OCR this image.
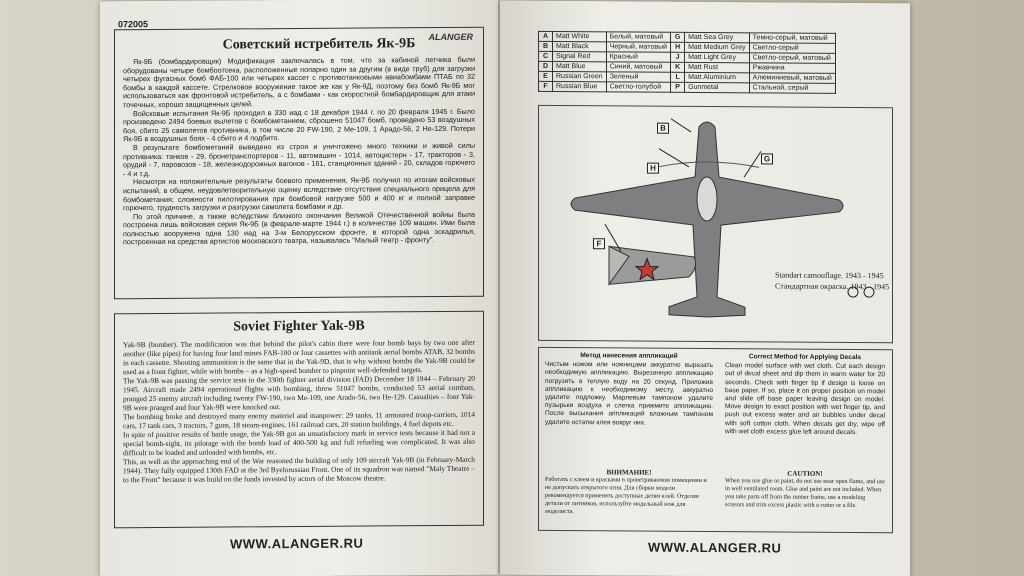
072005
ALANGER
Советский истребитель Як-9Б

Як-9Б (бомбардировщик) Модификация заключалась в том, что за кабиной летчика были оборудованы четыре бомбоотсека, расположенные попарно один за другим (в виде труб) для загрузки четырех фугасных бомб ФАБ-100 или четырех кассет с противотанковыми авиабомбами ПТАБ по 32 бомбы в каждой кассете. Стрелковое вооружение такое же как у Як-9Д, поэтому без бомб Як-9Б мог использоваться как фронтовой истребитель, а с бомбами - как скоростной бомбардировщик для атаки точечных, хорошо защищенных целей.

Войсковые испытания Як-9Б проходил в 330 иад с 18 декабря 1944 г. по 20 февраля 1945 г. Было произведено 2494 боевых вылетов с бомбометанием, сброшено 51047 бомб, проведено 53 воздушных боя, сбито 25 самолетов противника, в том числе 20 FW-190, 2 Me-109, 1 Арадо-56, 2 Не-129. Потери Як-9Б в воздушных боях - 4 сбито и 4 подбито.

В результате бомбометаний выведено из строя и уничтожено много техники и живой силы противника: танков - 29, бронетранспортеров - 11, автомашин - 1014, автоцистерн - 17, тракторов - 3, орудий - 7, паровозов - 18, железнодорожных вагонов - 161, станционных зданий - 20, складов горючего - 4 и т.д.

Несмотря на положительные результаты боевого применения, Як-9Б получил по итогам войсковых испытаний, в общем, неудовлетворительную оценку вследствие отсутствия специального прицела для бомбометания; сложности пилотирования при бомбовой нагрузке 500 и 400 кг и полной заправке горючего, трудность загрузки и разгрузки самолета бомбами и др.

По этой причине, а также вследствие близкого окончания Великой Отечественной войны была построена лишь войсковая серия Як-9Б (в феврале-марте 1944 г.) в количестве 109 машин. Ими была полностью вооружена одна 130 иад на 3-м Белорусском фронте, в которой одна эскадрилья, построенная на средства артистов московского театра, называлась "Малый театр - фронту".

Soviet Fighter Yak-9B

Yak-9B (bomber). The modification was that behind the pilot's cabin there were four bomb bays by two one after another (like pipes) for having four land mines FAB-100 or four cassettes with antitank aerial bombs ATAB, 32 bombs in each cassette. Shooting ammunition is the same that in the Yak-9D, that is why without bombs the Yak-9B could be used as a front fighter, while with bombs – as a high-speed bomber to pinpoint well-defended targets.

The Yak-9B was passing the service tests in the 330th fighter aerial division (FAD) December 18 1944 – February 20 1945. Aircraft made 2494 operational flights with bombing, threw 51047 bombs, conducted 53 aerial combats, pranged 25 enemy aircraft including twenty FW-190, two Me-109, one Arado-56, two He-129. Casualties – four Yak-9B were pranged and four Yak-9B were knocked out.

The bombing broke and destroyed many enemy materiel and manpower: 29 tanks, 11 armoured troop-carriers, 1014 cars, 17 tank cars, 3 tractors, 7 guns, 18 steam-engines, 161 railroad cars, 20 station buildings, 4 fuel depots etc.

In spite of positive results of battle usage, the Yak-9B got an unsatisfactory mark in service tests because it had not a special bomb-sight, its pilotage with the bomb load of 400-500 kg and full refueling was complicated. It was also difficult to be loaded and unloaded with bombs, etc.

This, as well as the approaching end of the War reasoned the building of only 109 aircraft Yak-9B (in February-March 1944). They fully equipped 130th FAD at the 3rd Byelorussian Front. One of its squadron was named "Maly Theatre – to the Front" because it was build on the funds invested by actors of the Moscow theatre.

WWW.ALANGER.RU
A	Matt White	Белый, матовый	G	Matt Sea Grey	Темно-серый, матовый
B	Matt Black	Черный, матовый	H	Matt Medium Grey	Светло-серый
C	Signal Red	Красный	J	Matt Light Grey	Светло-серый, матовый
D	Matt Blue	Синий, матовый	K	Matt Rust	Ржавчина
E	Russian Green	Зеленый	L	Matt Aluminium	Алюминиевый, матовый
F	Russian Blue	Светло-голубой	P	Gunmetal	Стальной, серый
B
H
G
F
Standart camouflage. 1943 - 1945
Стандартная окраска. 1943 - 1945
Метод нанесения аппликаций
Чистым ножом или ножницами аккуратно вырезать необходимую аппликацию. Вырезанную аппликацию погрузить в теплую воду на 20 секунд. Приложив аппликацию к необходимому месту, аккуратно удалите подложку. Марлевым тампоном удалите пузырьки воздуха и слегка прижмите аппликацию. После высыхания аппликаций влажным тампоном удалите остатки клея вокруг них.
Correct Method for Applying Decals
Clean model surface with wet cloth. Cut each design out of decal sheet and dip them in warm water for 20 seconds. Check with finger tip if design is loose on base paper. If so, place it on proper position on model and slide off base paper leaving design on model. Move design to exact position with wet finger tip, and push out excess water and air bubbles under decal with soft cotton cloth. When decals get dry, wipe off with wet cloth excess glue left around decals.
ВНИМАНИЕ!
Работать с клеем и красками в проветриваемом помещении и не допускать открытого огня. Для сборки модели рекомендуется применять доступные детям клей. Отделяя детали от литников, используйте модельный нож для моделиста.
CAUTION!
When you use glue or paint, do not use near open flame, and use in well ventilated room. Glue and paint are not included. When you take parts off from the runner frame, use a modeling scissors and trim excess plastic with a cutter or a file.
WWW.ALANGER.RU
